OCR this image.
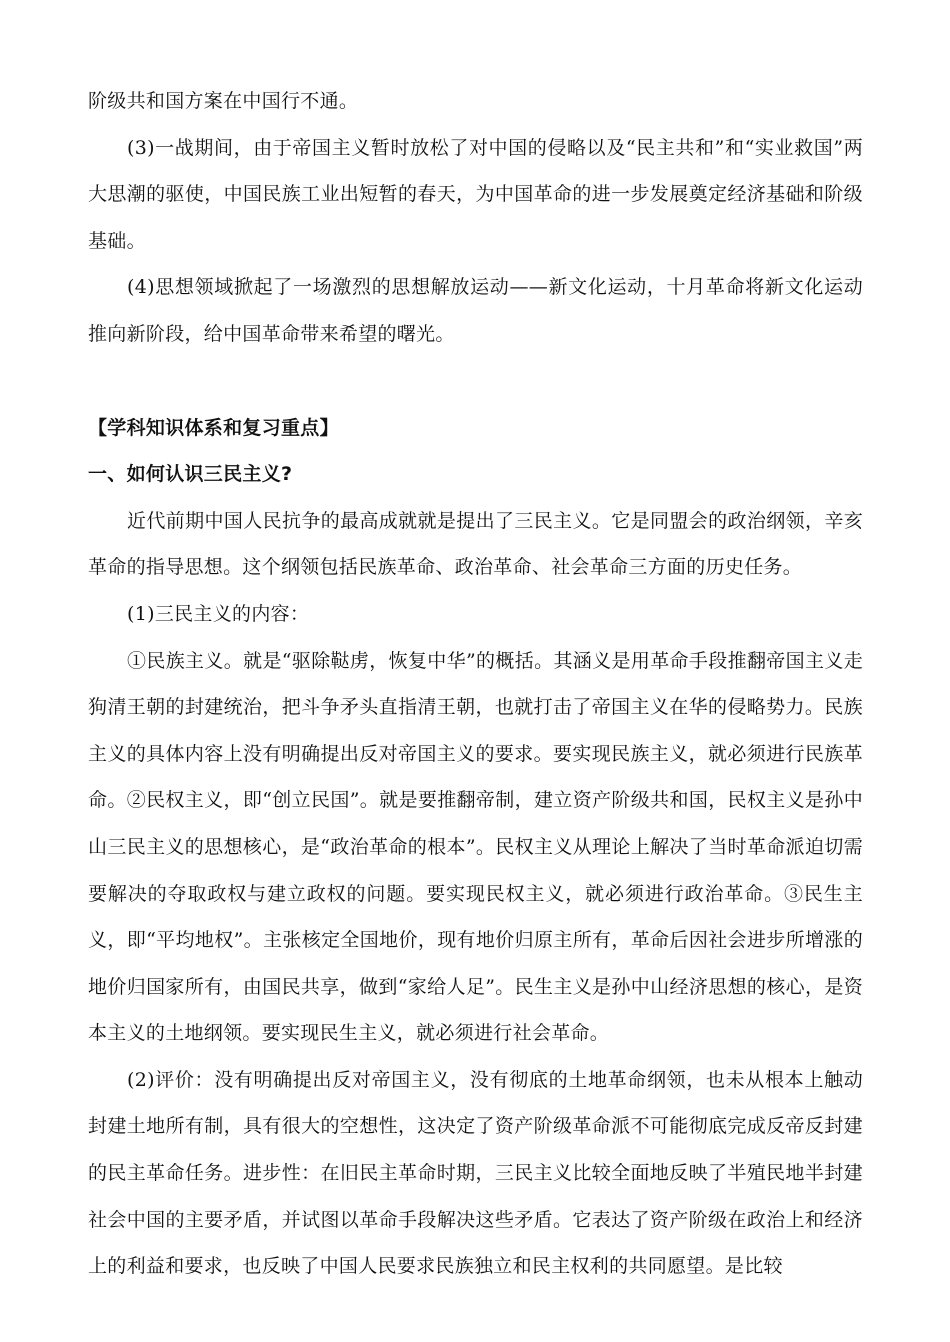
阶级共和国方案在中国行不通。

(3)一战期间，由于帝国主义暂时放松了对中国的侵略以及“民主共和”和“实业救国”两大思潮的驱使，中国民族工业出短暂的春天，为中国革命的进一步发展奠定经济基础和阶级基础。

(4)思想领域掀起了一场激烈的思想解放运动——新文化运动，十月革命将新文化运动推向新阶段，给中国革命带来希望的曙光。

【学科知识体系和复习重点】

一、如何认识三民主义?

近代前期中国人民抗争的最高成就就是提出了三民主义。它是同盟会的政治纲领，辛亥革命的指导思想。这个纲领包括民族革命、政治革命、社会革命三方面的历史任务。

(1)三民主义的内容：

①民族主义。就是“驱除鞑虏，恢复中华”的概括。其涵义是用革命手段推翻帝国主义走狗清王朝的封建统治，把斗争矛头直指清王朝，也就打击了帝国主义在华的侵略势力。民族主义的具体内容上没有明确提出反对帝国主义的要求。要实现民族主义，就必须进行民族革命。②民权主义，即“创立民国”。就是要推翻帝制，建立资产阶级共和国，民权主义是孙中山三民主义的思想核心，是“政治革命的根本”。民权主义从理论上解决了当时革命派迫切需要解决的夺取政权与建立政权的问题。要实现民权主义，就必须进行政治革命。③民生主义，即“平均地权”。主张核定全国地价，现有地价归原主所有，革命后因社会进步所增涨的地价归国家所有，由国民共享，做到“家给人足”。民生主义是孙中山经济思想的核心，是资本主义的土地纲领。要实现民生主义，就必须进行社会革命。

(2)评价：没有明确提出反对帝国主义，没有彻底的土地革命纲领，也未从根本上触动封建土地所有制，具有很大的空想性，这决定了资产阶级革命派不可能彻底完成反帝反封建的民主革命任务。进步性：在旧民主革命时期，三民主义比较全面地反映了半殖民地半封建社会中国的主要矛盾，并试图以革命手段解决这些矛盾。它表达了资产阶级在政治上和经济上的利益和要求，也反映了中国人民要求民族独立和民主权利的共同愿望。是比较
